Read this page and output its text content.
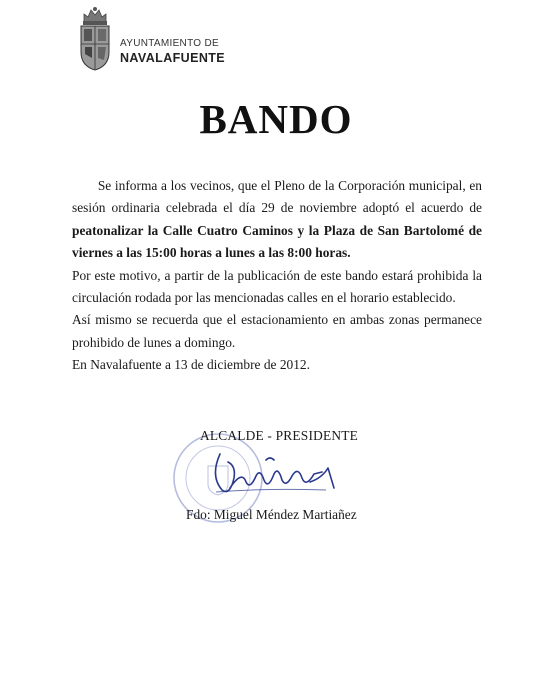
AYUNTAMIENTO DE
NAVALAFUENTE
BANDO

Se informa a los vecinos, que el Pleno de la Corporación municipal, en sesión ordinaria celebrada el día 29 de noviembre adoptó el acuerdo de peatonalizar la Calle Cuatro Caminos y la Plaza de San Bartolomé de viernes a las 15:00 horas a lunes a las 8:00 horas.

Por este motivo, a partir de la publicación de este bando estará prohibida la circulación rodada por las mencionadas calles en el horario establecido.

Así mismo se recuerda que el estacionamiento en ambas zonas permanece prohibido de lunes a domingo.

En Navalafuente a 13 de diciembre de 2012.

ALCALDE - PRESIDENTE
Fdo: Miguel Méndez Martiañez
